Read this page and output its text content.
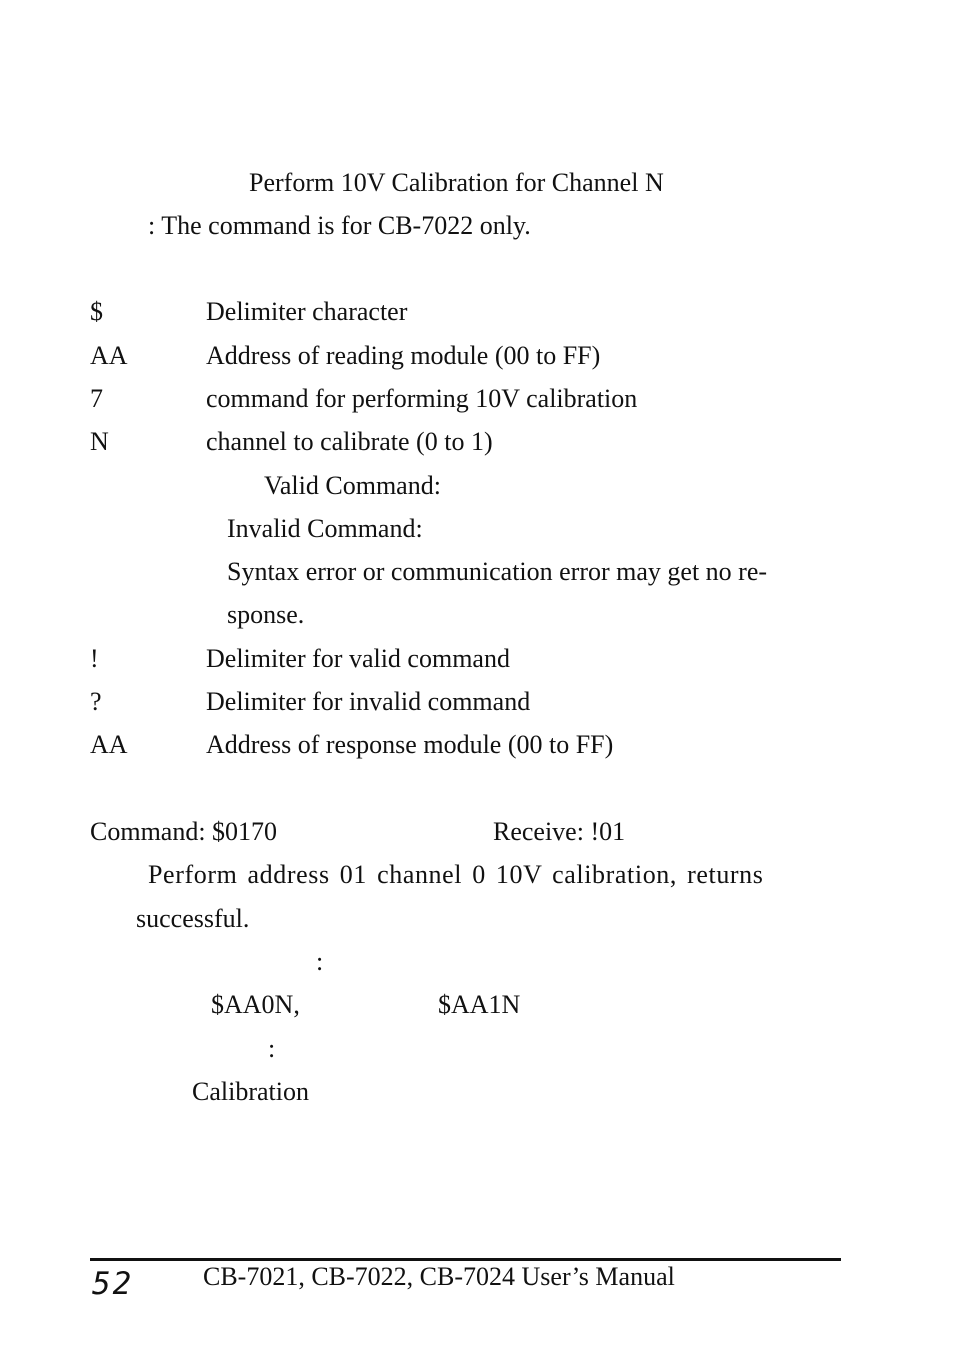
Perform 10V Calibration for Channel N
: The command is for CB-7022 only.
$	Delimiter character
AA	Address of reading module (00 to FF)
7	command for performing 10V calibration
N	channel to calibrate (0 to 1)
Valid Command:
Invalid Command:
Syntax error or communication error may get no re-
sponse.
!	Delimiter for valid command
?	Delimiter for invalid command
AA	Address of response module (00 to FF)
Command: $0170	Receive: !01
Perform address 01 channel 0 10V calibration, returns
successful.
:
$AA0N,	$AA1N
:
Calibration
52	CB-7021, CB-7022, CB-7024 User’s Manual
